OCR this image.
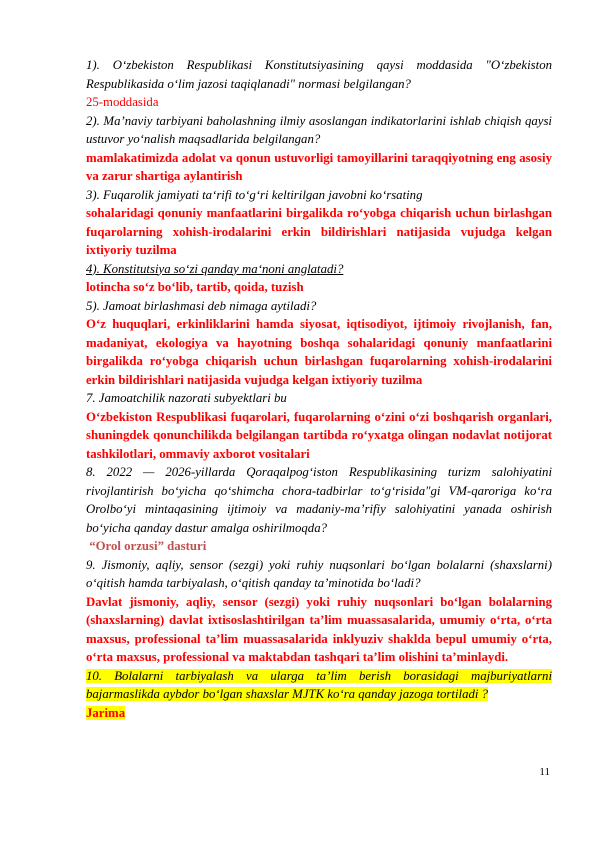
1). O‘zbekiston Respublikasi Konstitutsiyasining qaysi moddasida "O‘zbekiston Respublikasida o‘lim jazosi taqiqlanadi" normasi belgilangan?

25-moddasida

2). Ma’naviy tarbiyani baholashning ilmiy asoslangan indikatorlarini ishlab chiqish qaysi ustuvor yo‘nalish maqsadlarida belgilangan?

mamlakatimizda adolat va qonun ustuvorligi tamoyillarini taraqqiyotning eng asosiy va zarur shartiga aylantirish

3). Fuqarolik jamiyati ta‘rifi to‘g‘ri keltirilgan javobni ko‘rsating

sohalaridagi qonuniy manfaatlarini birgalikda ro‘yobga chiqarish uchun birlashgan fuqarolarning xohish-irodalarini erkin bildirishlari natijasida vujudga kelgan ixtiyoriy tuzilma

4). Konstitutsiya so‘zi qanday ma‘noni anglatadi?

lotincha so‘z bo‘lib, tartib, qoida, tuzish

5). Jamoat birlashmasi deb nimaga aytiladi?

O‘z huquqlari, erkinliklarini hamda siyosat, iqtisodiyot, ijtimoiy rivojlanish, fan, madaniyat, ekologiya va hayotning boshqa sohalaridagi qonuniy manfaatlarini birgalikda ro‘yobga chiqarish uchun birlashgan fuqarolarning xohish-irodalarini erkin bildirishlari natijasida vujudga kelgan ixtiyoriy tuzilma

7. Jamoatchilik nazorati subyektlari bu

O‘zbekiston Respublikasi fuqarolari, fuqarolarning o‘zini o‘zi boshqarish organlari, shuningdek qonunchilikda belgilangan tartibda ro‘yxatga olingan nodavlat notijorat tashkilotlari, ommaviy axborot vositalari

8. 2022 — 2026-yillarda Qoraqalpog‘iston Respublikasining turizm salohiyatini rivojlantirish bo‘yicha qo‘shimcha chora-tadbirlar to‘g‘risida"gi VM-qaroriga ko‘ra Orolbo‘yi mintaqasining ijtimoiy va madaniy-ma’rifiy salohiyatini yanada oshirish bo‘yicha qanday dastur amalga oshirilmoqda?

“Orol orzusi” dasturi

9. Jismoniy, aqliy, sensor (sezgi) yoki ruhiy nuqsonlari bo‘lgan bolalarni (shaxslarni) o‘qitish hamda tarbiyalash, o‘qitish qanday ta’minotida bo‘ladi?

Davlat jismoniy, aqliy, sensor (sezgi) yoki ruhiy nuqsonlari bo‘lgan bolalarning (shaxslarning) davlat ixtisoslashtirilgan ta’lim muassasalarida, umumiy o‘rta, o‘rta maxsus, professional ta’lim muassasalarida inklyuziv shaklda bepul umumiy o‘rta, o‘rta maxsus, professional va maktabdan tashqari ta’lim olishini ta’minlaydi.

10. Bolalarni tarbiyalash va ularga ta’lim berish borasidagi majburiyatlarni bajarmaslikda aybdor bo‘lgan shaxslar MJTK ko‘ra qanday jazoga tortiladi ?

Jarima

11
